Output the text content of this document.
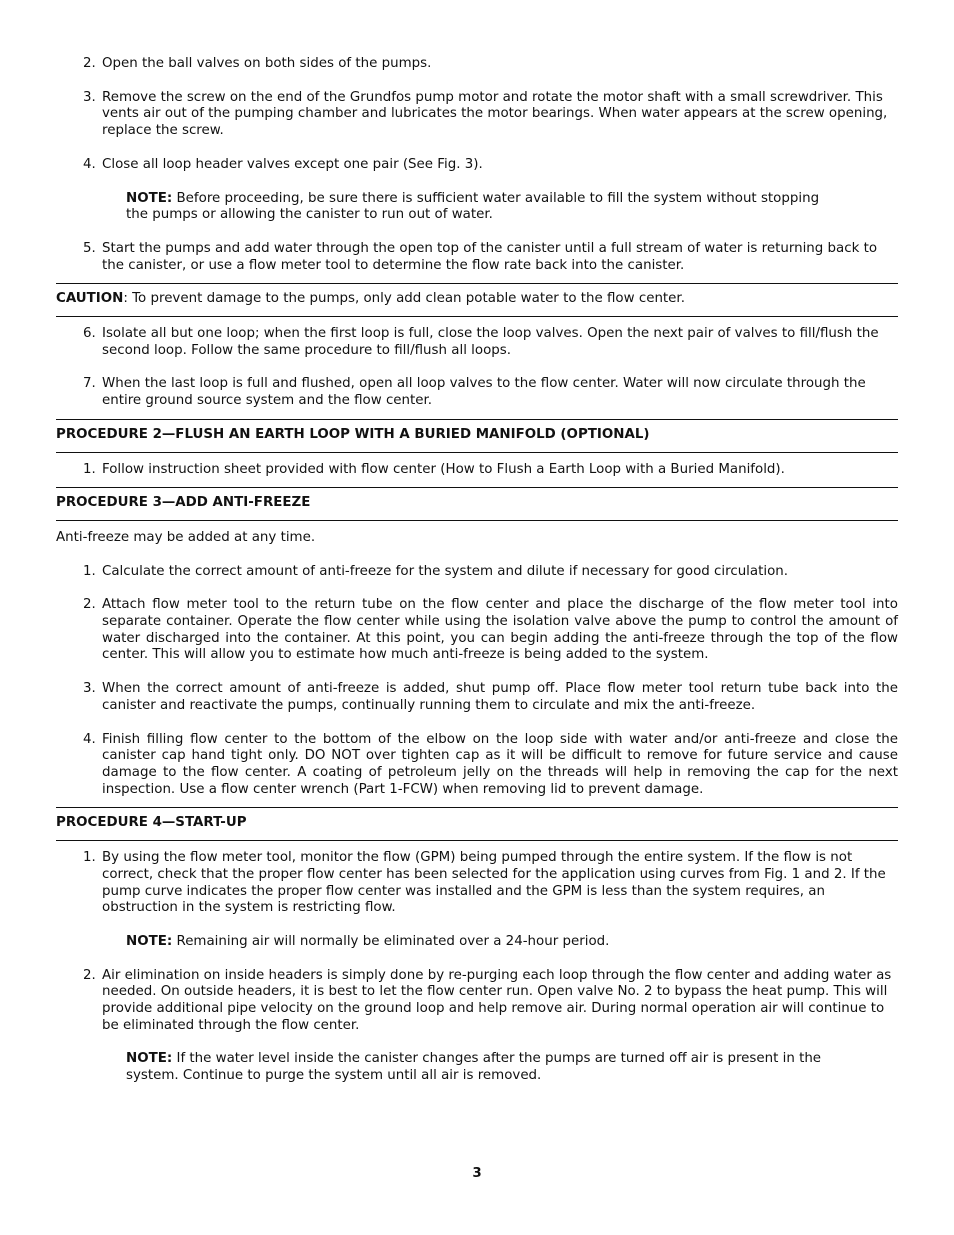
2. Open the ball valves on both sides of the pumps.
3. Remove the screw on the end of the Grundfos pump motor and rotate the motor shaft with a small screwdriver. This vents air out of the pumping chamber and lubricates the motor bearings. When water appears at the screw opening, replace the screw.
4. Close all loop header valves except one pair (See Fig. 3).
NOTE: Before proceeding, be sure there is sufficient water available to fill the system without stopping the pumps or allowing the canister to run out of water.
5. Start the pumps and add water through the open top of the canister until a full stream of water is returning back to the canister, or use a flow meter tool to determine the flow rate back into the canister.
CAUTION: To prevent damage to the pumps, only add clean potable water to the flow center.
6. Isolate all but one loop; when the first loop is full, close the loop valves. Open the next pair of valves to fill/flush the second loop. Follow the same procedure to fill/flush all loops.
7. When the last loop is full and flushed, open all loop valves to the flow center. Water will now circulate through the entire ground source system and the flow center.
PROCEDURE 2—FLUSH AN EARTH LOOP WITH A BURIED MANIFOLD (OPTIONAL)
1. Follow instruction sheet provided with flow center (How to Flush a Earth Loop with a Buried Manifold).
PROCEDURE 3—ADD ANTI-FREEZE
Anti-freeze may be added at any time.
1. Calculate the correct amount of anti-freeze for the system and dilute if necessary for good circulation.
2. Attach flow meter tool to the return tube on the flow center and place the discharge of the flow meter tool into separate container. Operate the flow center while using the isolation valve above the pump to control the amount of water discharged into the container. At this point, you can begin adding the anti-freeze through the top of the flow center. This will allow you to estimate how much anti-freeze is being added to the system.
3. When the correct amount of anti-freeze is added, shut pump off. Place flow meter tool return tube back into the canister and reactivate the pumps, continually running them to circulate and mix the anti-freeze.
4. Finish filling flow center to the bottom of the elbow on the loop side with water and/or anti-freeze and close the canister cap hand tight only. DO NOT over tighten cap as it will be difficult to remove for future service and cause damage to the flow center. A coating of petroleum jelly on the threads will help in removing the cap for the next inspection. Use a flow center wrench (Part 1-FCW) when removing lid to prevent damage.
PROCEDURE 4—START-UP
1. By using the flow meter tool, monitor the flow (GPM) being pumped through the entire system. If the flow is not correct, check that the proper flow center has been selected for the application using curves from Fig. 1 and 2. If the pump curve indicates the proper flow center was installed and the GPM is less than the system requires, an obstruction in the system is restricting flow.
NOTE: Remaining air will normally be eliminated over a 24-hour period.
2. Air elimination on inside headers is simply done by re-purging each loop through the flow center and adding water as needed. On outside headers, it is best to let the flow center run. Open valve No. 2 to bypass the heat pump. This will provide additional pipe velocity on the ground loop and help remove air. During normal operation air will continue to be eliminated through the flow center.
NOTE: If the water level inside the canister changes after the pumps are turned off air is present in the system. Continue to purge the system until all air is removed.
3
